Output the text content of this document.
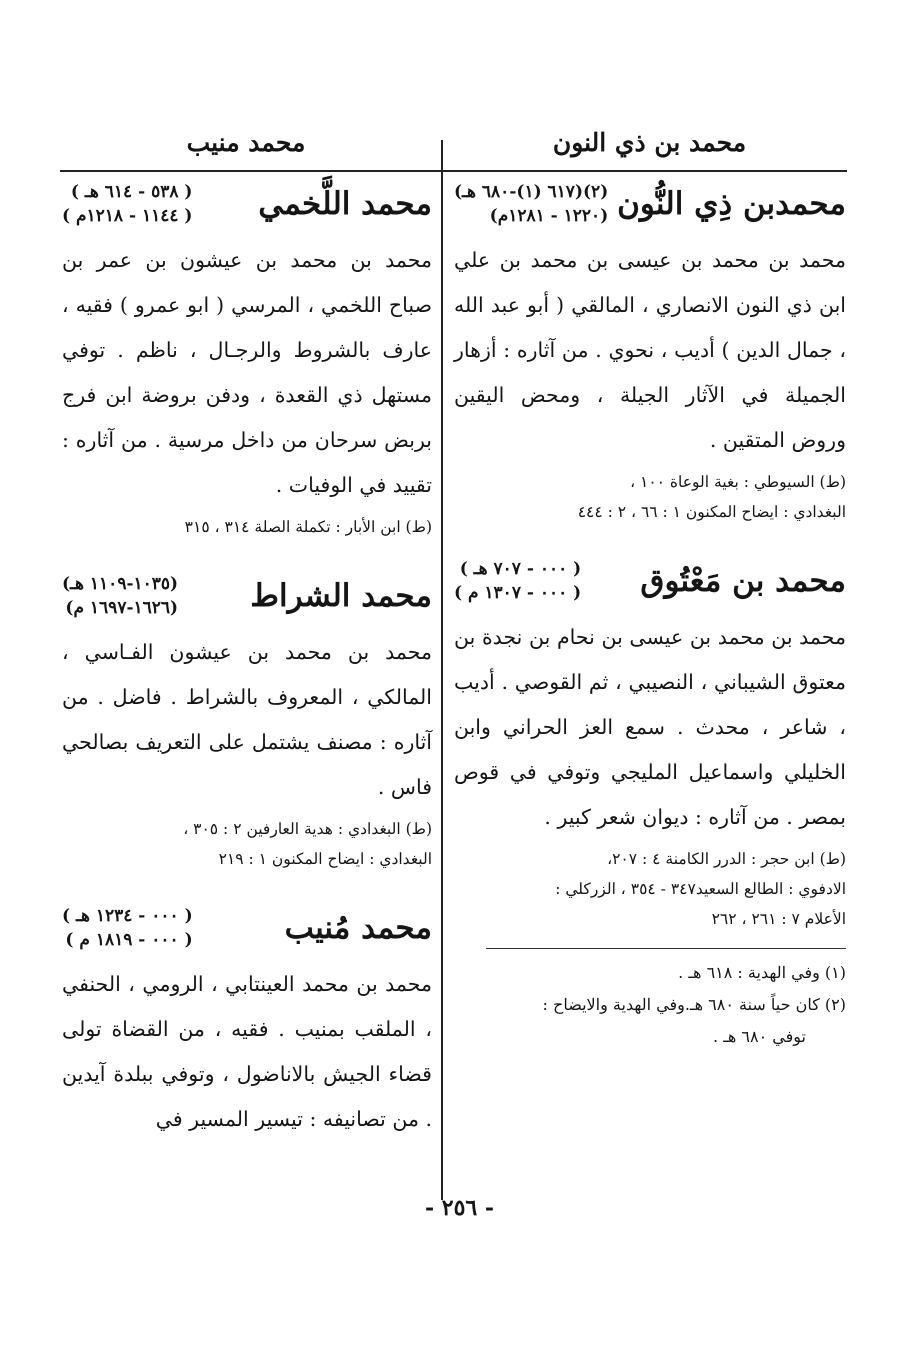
محمد بن ذي النون
محمد منيب
محمدبن ذِي النُّون
(٦١٧ (١)-٦٨٠ هـ)(٢)
(١٢٢٠ - ١٢٨١م)
محمد بن محمد بن عيسى بن محمد بن علي ابن ذي النون الانصاري ، المالقي ( أبو عبد الله ، جمال الدين ) أديب ، نحوي . من آثاره : أزهار الجميلة في الآثار الجيلة ، ومحض اليقين وروض المتقين .
(ط) السيوطي : بغية الوعاة ١٠٠ ،
البغدادي : ايضاح المكنون ١ : ٦٦ ، ٢ : ٤٤٤
محمد بن مَعْتُوق
( ٠٠٠ - ٧٠٧ هـ )
( ٠٠٠ - ١٣٠٧ م )
محمد بن محمد بن عيسى بن نحام بن نجدة بن معتوق الشيباني ، النصيبي ، ثم القوصي . أديب ، شاعر ، محدث . سمع العز الحراني وابن الخليلي واسماعيل المليجي وتوفي في قوص بمصر . من آثاره : ديوان شعر كبير .
(ط) ابن حجر : الدرر الكامنة ٤ : ٢٠٧،
الادفوي : الطالع السعيد٣٤٧ - ٣٥٤ ، الزركلي :
الأعلام ٧ : ٢٦١ ، ٢٦٢
(١) وفي الهدية : ٦١٨ هـ .
(٢) كان حياً سنة ٦٨٠ هـ.وفي الهدية والايضاح :
توفي ٦٨٠ هـ .
محمد اللَّخمي
( ٥٣٨ - ٦١٤ هـ )
( ١١٤٤ - ١٢١٨م )
محمد بن محمد بن عيشون بن عمر بن صباح اللخمي ، المرسي ( ابو عمرو ) فقيه ، عارف بالشروط والرجـال ، ناظم . توفي مستهل ذي القعدة ، ودفن بروضة ابن فرج بربض سرحان من داخل مرسية . من آثاره : تقييد في الوفيات .
(ط) ابن الأبار : تكملة الصلة ٣١٤ ، ٣١٥
محمد الشراط
(١٠٣٥-١١٠٩ هـ)
(١٦٢٦-١٦٩٧ م)
محمد بن محمد بن عيشون الفـاسي ، المالكي ، المعروف بالشراط . فاضل . من آثاره : مصنف يشتمل على التعريف بصالحي فاس .
(ط) البغدادي : هدية العارفين ٢ : ٣٠٥ ،
البغدادي : ايضاح المكنون ١ : ٢١٩
محمد مُنيب
( ٠٠٠ - ١٢٣٤ هـ )
( ٠٠٠ - ١٨١٩ م )
محمد بن محمد العينتابي ، الرومي ، الحنفي ، الملقب بمنيب . فقيه ، من القضاة تولى قضاء الجيش بالاناضول ، وتوفي ببلدة آيدين . من تصانيفه : تيسير المسير في
- ٢٥٦ -
